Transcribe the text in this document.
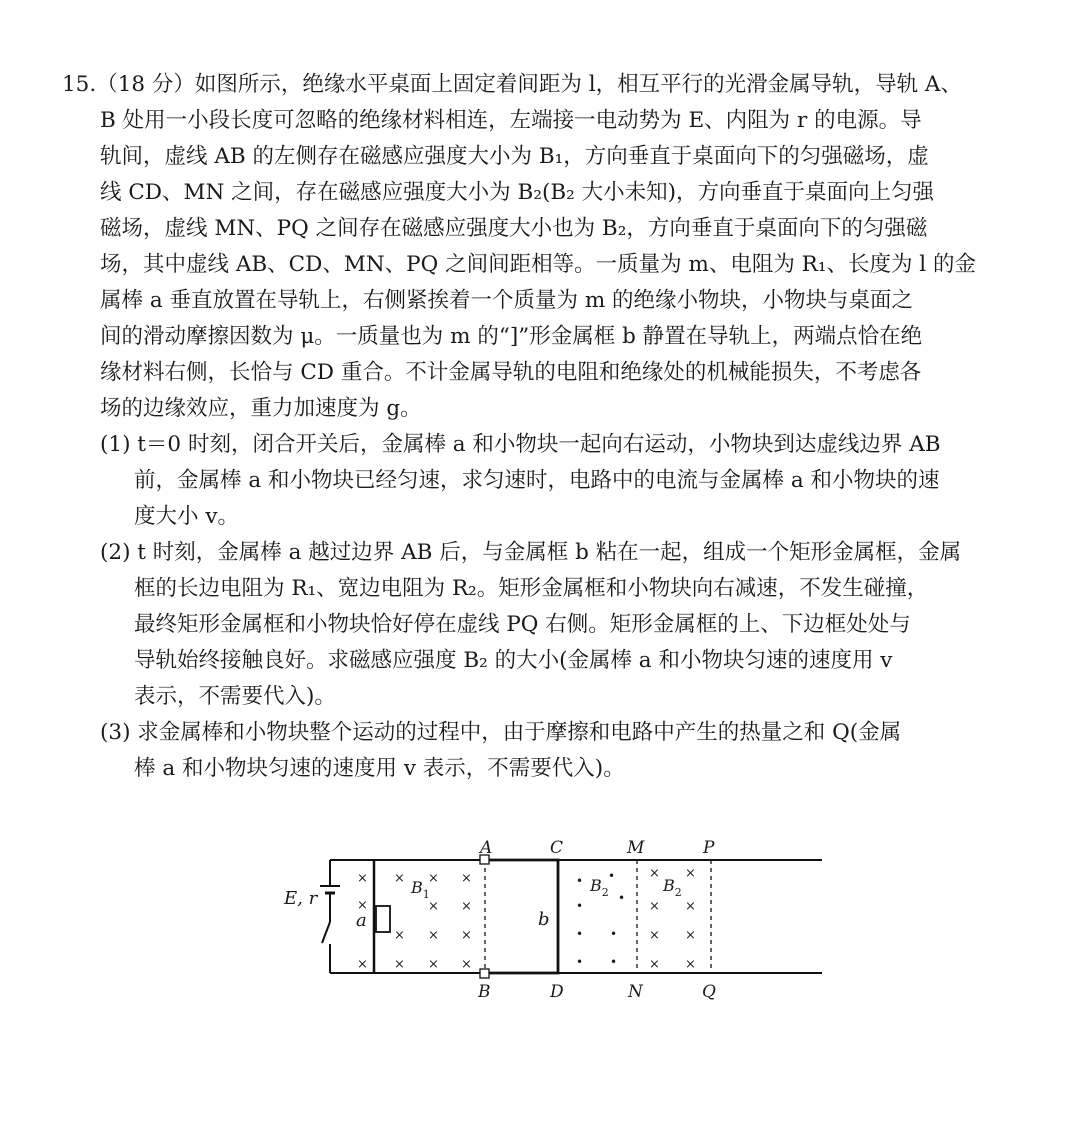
15.（18 分）如图所示，绝缘水平桌面上固定着间距为 l，相互平行的光滑金属导轨，导轨 A、
B 处用一小段长度可忽略的绝缘材料相连，左端接一电动势为 E、内阻为 r 的电源。导
轨间，虚线 AB 的左侧存在磁感应强度大小为 B₁，方向垂直于桌面向下的匀强磁场，虚
线 CD、MN 之间，存在磁感应强度大小为 B₂(B₂ 大小未知)，方向垂直于桌面向上匀强
磁场，虚线 MN、PQ 之间存在磁感应强度大小也为 B₂，方向垂直于桌面向下的匀强磁
场，其中虚线 AB、CD、MN、PQ 之间间距相等。一质量为 m、电阻为 R₁、长度为 l 的金
属棒 a 垂直放置在导轨上，右侧紧挨着一个质量为 m 的绝缘小物块，小物块与桌面之
间的滑动摩擦因数为 μ。一质量也为 m 的“]”形金属框 b 静置在导轨上，两端点恰在绝
缘材料右侧，长恰与 CD 重合。不计金属导轨的电阻和绝缘处的机械能损失，不考虑各
场的边缘效应，重力加速度为 g。
(1) t＝0 时刻，闭合开关后，金属棒 a 和小物块一起向右运动，小物块到达虚线边界 AB
前，金属棒 a 和小物块已经匀速，求匀速时，电路中的电流与金属棒 a 和小物块的速
度大小 v。
(2) t 时刻，金属棒 a 越过边界 AB 后，与金属框 b 粘在一起，组成一个矩形金属框，金属
框的长边电阻为 R₁、宽边电阻为 R₂。矩形金属框和小物块向右减速，不发生碰撞，
最终矩形金属框和小物块恰好停在虚线 PQ 右侧。矩形金属框的上、下边框处处与
导轨始终接触良好。求磁感应强度 B₂ 的大小(金属棒 a 和小物块匀速的速度用 v
表示，不需要代入)。
(3) 求金属棒和小物块整个运动的过程中，由于摩擦和电路中产生的热量之和 Q(金属
棒 a 和小物块匀速的速度用 v 表示，不需要代入)。
E, r
a
×
×
×
×
×
×
×
×
×
×
×
×
×
×
$B_1$
b
•
•
•
•
•
•
•
•
$B_2$
×
×
×
×
×
×
×
×
$B_2$
A
B
C
D
M
N
P
Q
